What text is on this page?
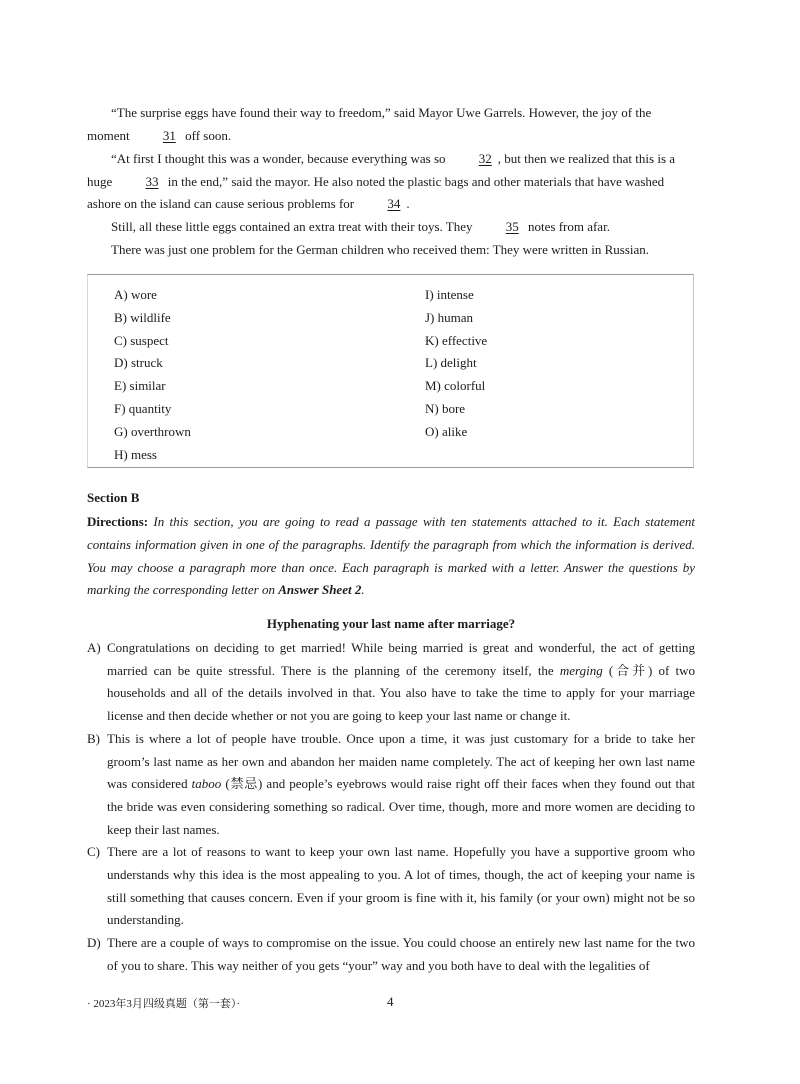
“The surprise eggs have found their way to freedom,” said Mayor Uwe Garrels. However, the joy of the moment 31 off soon.

“At first I thought this was a wonder, because everything was so 32 , but then we realized that this is a huge 33 in the end,” said the mayor. He also noted the plastic bags and other materials that have washed ashore on the island can cause serious problems for 34 .

Still, all these little eggs contained an extra treat with their toys. They 35 notes from afar.

There was just one problem for the German children who received them: They were written in Russian.

A) wore
B) wildlife
C) suspect
D) struck
E) similar
F) quantity
G) overthrown
H) mess
I) intense
J) human
K) effective
L) delight
M) colorful
N) bore
O) alike

Section B

Directions: In this section, you are going to read a passage with ten statements attached to it. Each statement contains information given in one of the paragraphs. Identify the paragraph from which the information is derived. You may choose a paragraph more than once. Each paragraph is marked with a letter. Answer the questions by marking the corresponding letter on Answer Sheet 2.

Hyphenating your last name after marriage?

A) Congratulations on deciding to get married! While being married is great and wonderful, the act of getting married can be quite stressful. There is the planning of the ceremony itself, the merging (合并) of two households and all of the details involved in that. You also have to take the time to apply for your marriage license and then decide whether or not you are going to keep your last name or change it.
B) This is where a lot of people have trouble. Once upon a time, it was just customary for a bride to take her groom’s last name as her own and abandon her maiden name completely. The act of keeping her own last name was considered taboo (禁忌) and people’s eyebrows would raise right off their faces when they found out that the bride was even considering something so radical. Over time, though, more and more women are deciding to keep their last names.
C) There are a lot of reasons to want to keep your own last name. Hopefully you have a supportive groom who understands why this idea is the most appealing to you. A lot of times, though, the act of keeping your name is still something that causes concern. Even if your groom is fine with it, his family (or your own) might not be so understanding.
D) There are a couple of ways to compromise on the issue. You could choose an entirely new last name for the two of you to share. This way neither of you gets “your” way and you both have to deal with the legalities of

· 2023年3月四级真题（第一套）·	4
